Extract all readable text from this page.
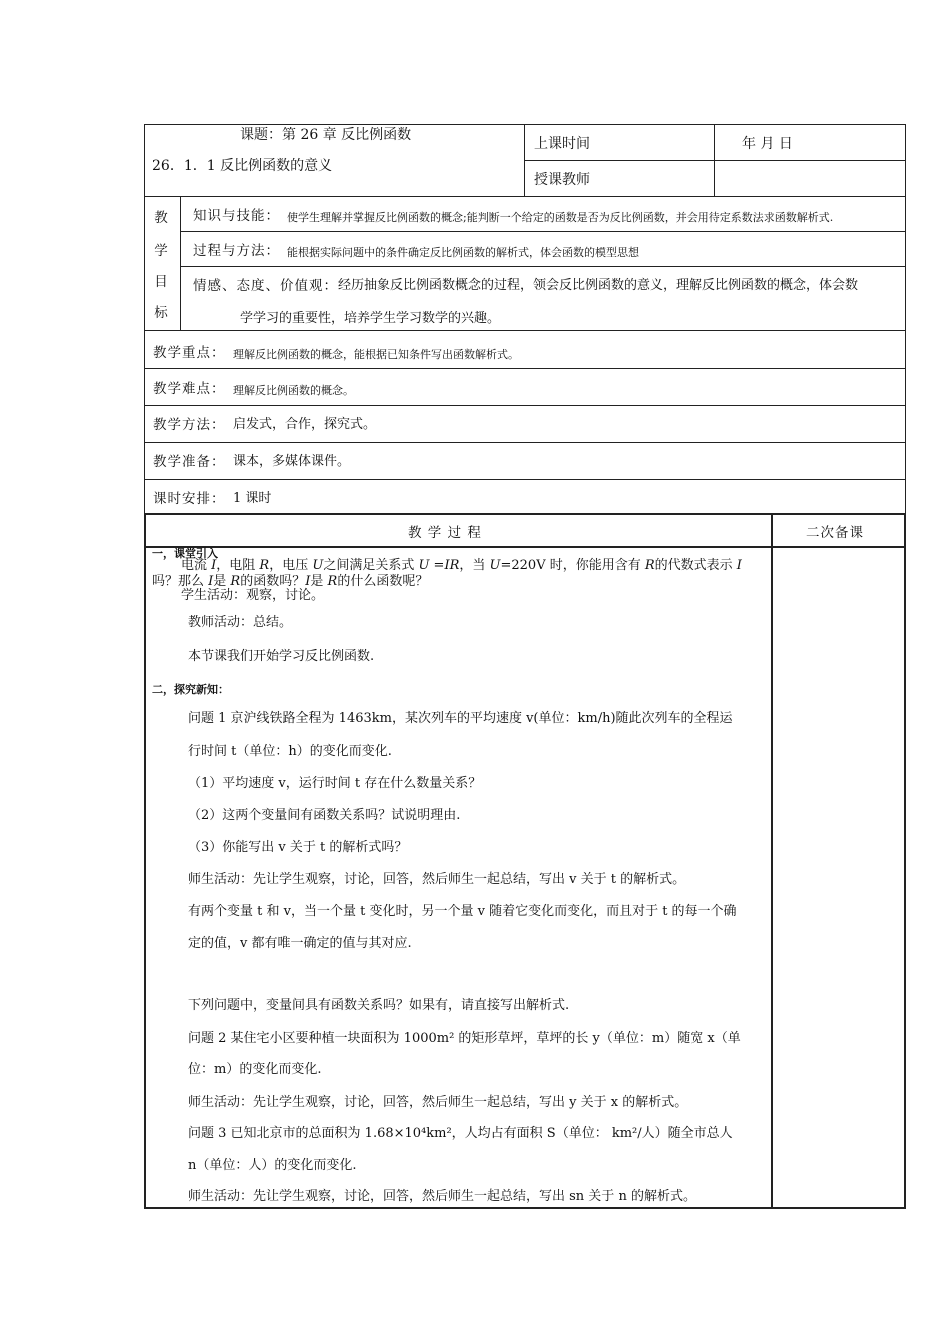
课题：第 26 章 反比例函数
26．1．1 反比例函数的意义
上课时间	年 月 日
授课教师
教
学
目
标
知识与技能： 使学生理解并掌握反比例函数的概念;能判断一个给定的函数是否为反比例函数，并会用待定系数法求函数解析式.
过程与方法： 能根据实际问题中的条件确定反比例函数的解析式，体会函数的模型思想
情感、态度、价值观： 经历抽象反比例函数概念的过程，领会反比例函数的意义，理解反比例函数的概念，体会数
学学习的重要性，培养学生学习数学的兴趣。
教学重点： 理解反比例函数的概念，能根据已知条件写出函数解析式。
教学难点： 理解反比例函数的概念。
教学方法： 启发式，合作，探究式。
教学准备： 课本，多媒体课件。
课时安排： 1 课时
教 学 过 程	二次备课
一，课堂引入
电流 I，电阻 R，电压 U之间满足关系式 U =IR，当 U=220V 时，你能用含有 R的代数式表示 I
吗？那么 I是 R的函数吗？I是 R的什么函数呢？
学生活动：观察，讨论。
教师活动：总结。
本节课我们开始学习反比例函数.
二，探究新知：
问题 1 京沪线铁路全程为 1463km，某次列车的平均速度 v(单位：km/h)随此次列车的全程运
行时间 t（单位：h）的变化而变化.
（1）平均速度 v，运行时间 t 存在什么数量关系？
（2）这两个变量间有函数关系吗？试说明理由.
（3）你能写出 v 关于 t 的解析式吗？
师生活动：先让学生观察，讨论，回答，然后师生一起总结，写出 v 关于 t 的解析式。
有两个变量 t 和 v，当一个量 t 变化时，另一个量 v 随着它变化而变化，而且对于 t 的每一个确
定的值，v 都有唯一确定的值与其对应.
下列问题中，变量间具有函数关系吗？如果有，请直接写出解析式.
问题 2 某住宅小区要种植一块面积为 1000m² 的矩形草坪，草坪的长 y（单位：m）随宽 x（单
位：m）的变化而变化.
师生活动：先让学生观察，讨论，回答，然后师生一起总结，写出 y 关于 x 的解析式。
问题 3 已知北京市的总面积为 1.68×10⁴km²，人均占有面积 S（单位： km²/人）随全市总人
n（单位：人）的变化而变化.
师生活动：先让学生观察，讨论，回答，然后师生一起总结，写出 sn 关于 n 的解析式。
